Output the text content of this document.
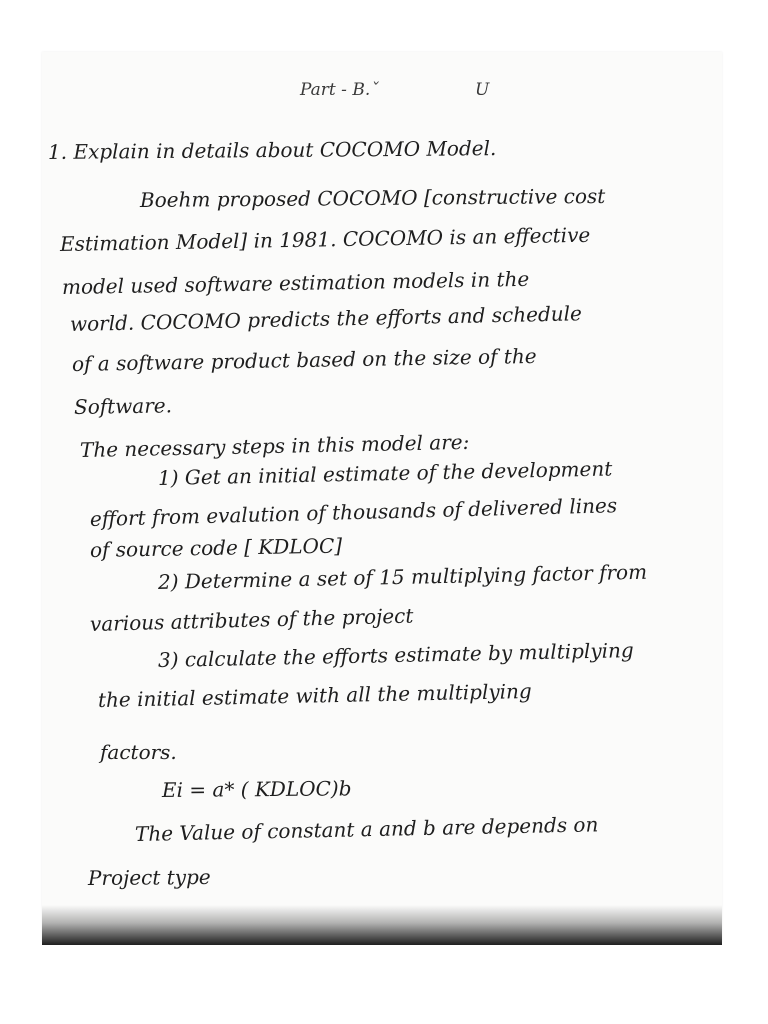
Part - B.ˇ	U
1. Explain in details about COCOMO Model.
Boehm proposed COCOMO [constructive cost
Estimation Model] in 1981. COCOMO is an effective
model used software estimation models in the
world. COCOMO predicts the efforts and schedule
of a software product based on the size of the
Software.
The necessary steps in this model are:
1) Get an initial estimate of the development
effort from evalution of thousands of delivered lines
of source code [ KDLOC]
2) Determine a set of 15 multiplying factor from
various attributes of the project
3) calculate the efforts estimate by multiplying
the initial estimate with all the multiplying
factors.
Ei = a* ( KDLOC)b
The Value of constant a and b are depends on
Project type
